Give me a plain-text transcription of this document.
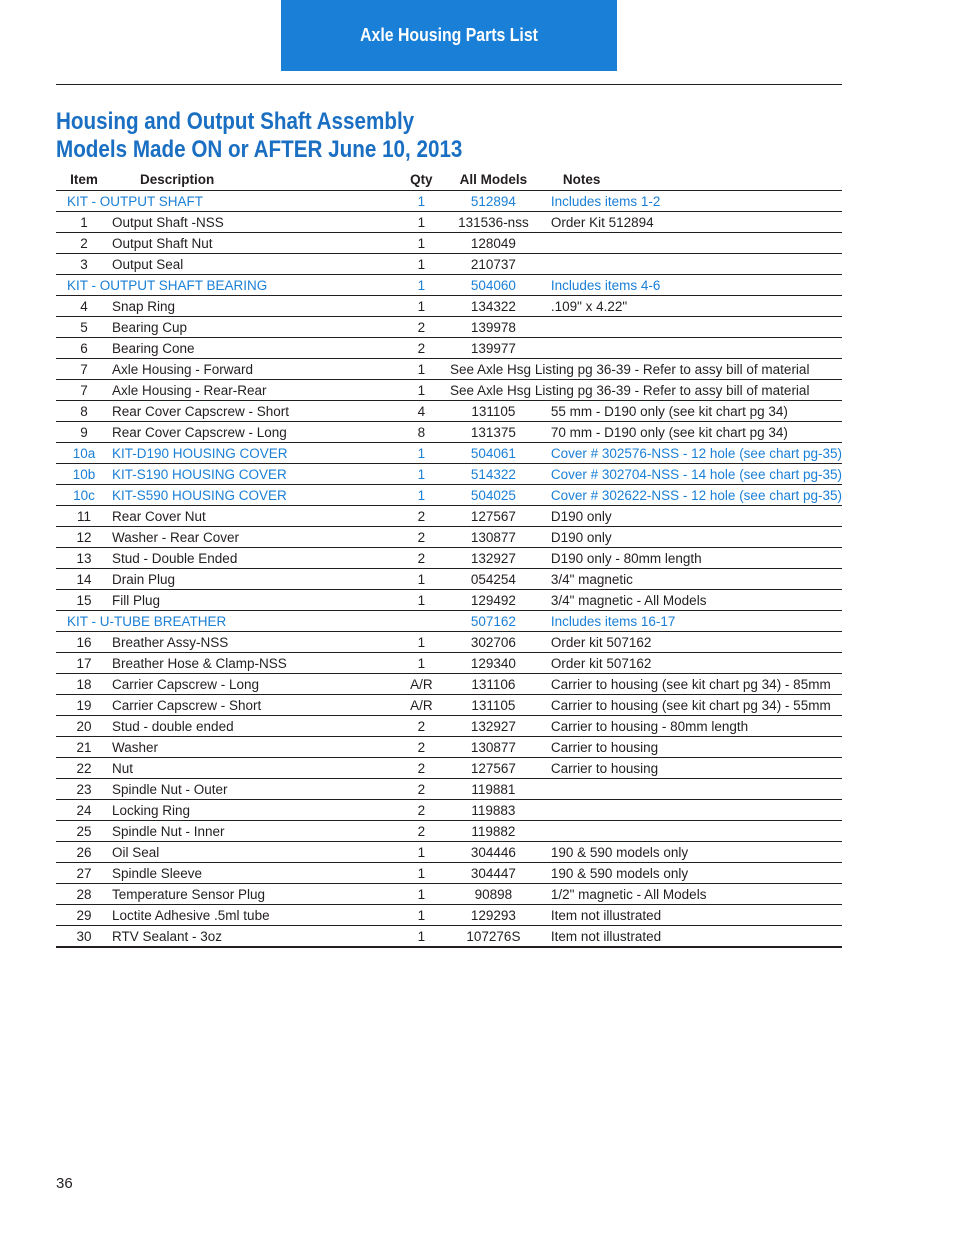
Axle Housing Parts List
Housing and Output Shaft Assembly
Models Made ON or AFTER June 10, 2013
Item	Description	Qty	All Models	Notes
KIT - OUTPUT SHAFT		1	512894	Includes items 1-2
1	Output Shaft -NSS	1	131536-nss	Order Kit 512894
2	Output Shaft Nut	1	128049	
3	Output Seal	1	210737	
KIT - OUTPUT SHAFT BEARING		1	504060	Includes items 4-6
4	Snap Ring	1	134322	.109" x 4.22"
5	Bearing Cup	2	139978	
6	Bearing Cone	2	139977	
7	Axle Housing - Forward	1	See Axle Hsg Listing pg 36-39 - Refer to assy bill of material	
7	Axle Housing - Rear-Rear	1	See Axle Hsg Listing pg 36-39 - Refer to assy bill of material	
8	Rear Cover Capscrew - Short	4	131105	55 mm - D190 only (see kit chart pg 34)
9	Rear Cover Capscrew - Long	8	131375	70 mm - D190 only (see kit chart pg 34)
10a	KIT-D190 HOUSING COVER	1	504061	Cover # 302576-NSS - 12 hole (see chart pg-35)
10b	KIT-S190 HOUSING COVER	1	514322	Cover # 302704-NSS - 14 hole (see chart pg-35)
10c	KIT-S590 HOUSING COVER	1	504025	Cover # 302622-NSS - 12 hole (see chart pg-35)
11	Rear Cover Nut	2	127567	D190 only
12	Washer - Rear Cover	2	130877	D190 only
13	Stud - Double Ended	2	132927	D190 only - 80mm length
14	Drain Plug	1	054254	3/4" magnetic
15	Fill Plug	1	129492	3/4" magnetic - All Models
KIT - U-TUBE BREATHER			507162	Includes items 16-17
16	Breather Assy-NSS	1	302706	Order kit 507162
17	Breather Hose & Clamp-NSS	1	129340	Order kit 507162
18	Carrier Capscrew - Long	A/R	131106	Carrier to housing (see kit chart pg 34) - 85mm
19	Carrier Capscrew - Short	A/R	131105	Carrier to housing (see kit chart pg 34) - 55mm
20	Stud - double ended	2	132927	Carrier to housing - 80mm length
21	Washer	2	130877	Carrier to housing
22	Nut	2	127567	Carrier to housing
23	Spindle Nut - Outer	2	119881	
24	Locking Ring	2	119883	
25	Spindle Nut - Inner	2	119882	
26	Oil Seal	1	304446	190 & 590 models only
27	Spindle Sleeve	1	304447	190 & 590 models only
28	Temperature Sensor Plug	1	90898	1/2" magnetic - All Models
29	Loctite Adhesive .5ml tube	1	129293	Item not illustrated
30	RTV Sealant - 3oz	1	107276S	Item not illustrated
36
